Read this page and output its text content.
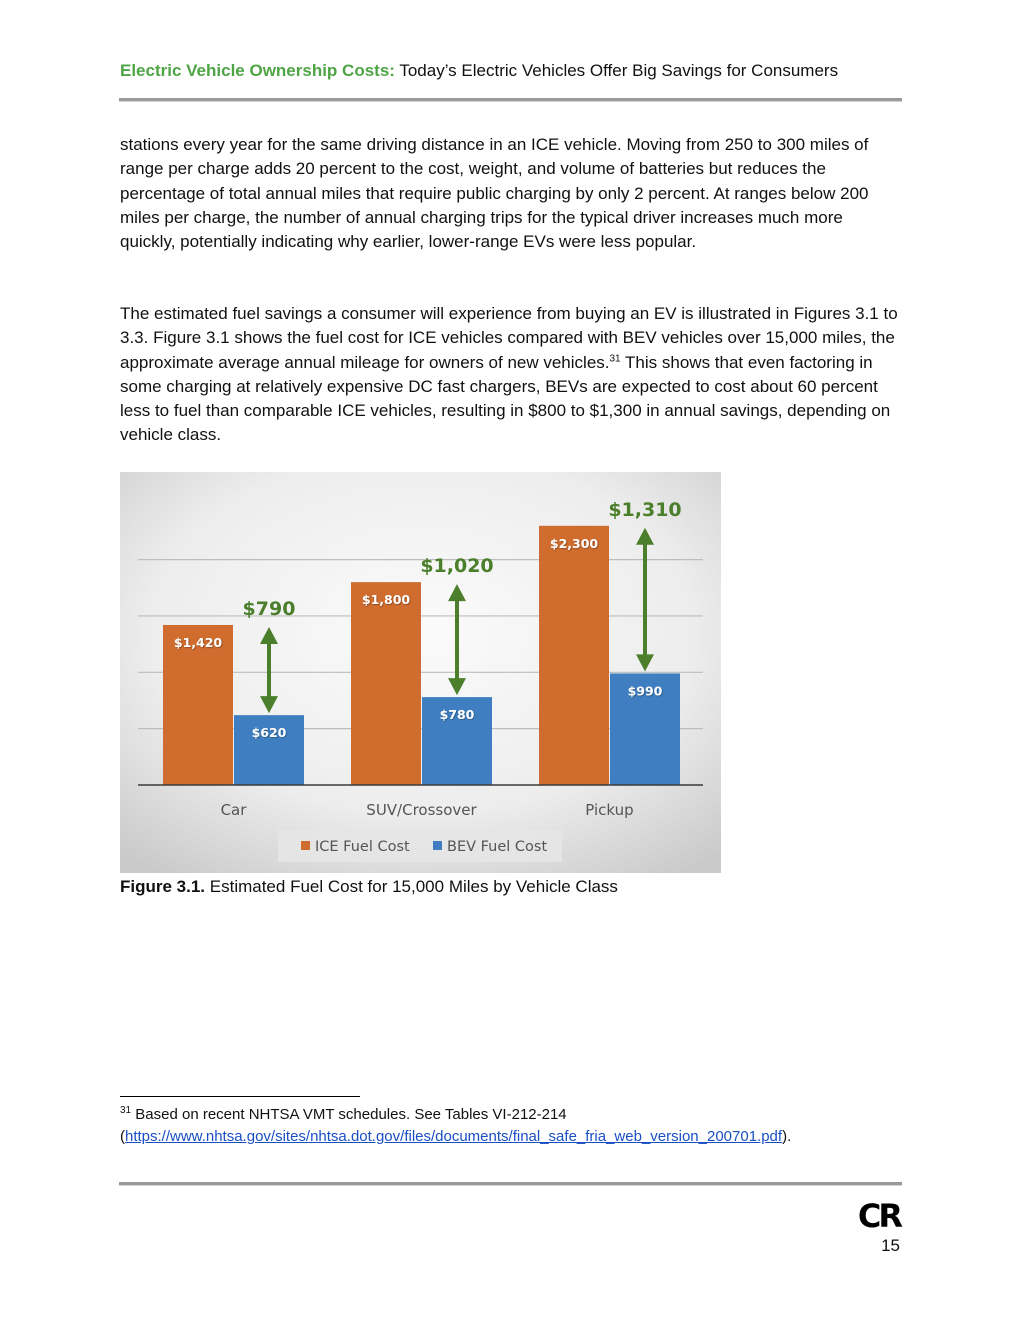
Electric Vehicle Ownership Costs: Today’s Electric Vehicles Offer Big Savings for Consumers

stations every year for the same driving distance in an ICE vehicle. Moving from 250 to 300 miles of range per charge adds 20 percent to the cost, weight, and volume of batteries but reduces the percentage of total annual miles that require public charging by only 2 percent. At ranges below 200 miles per charge, the number of annual charging trips for the typical driver increases much more quickly, potentially indicating why earlier, lower-range EVs were less popular.

The estimated fuel savings a consumer will experience from buying an EV is illustrated in Figures 3.1 to 3.3. Figure 3.1 shows the fuel cost for ICE vehicles compared with BEV vehicles over 15,000 miles, the approximate average annual mileage for owners of new vehicles.$^{31}$ This shows that even factoring in some charging at relatively expensive DC fast chargers, BEVs are expected to cost about 60 percent less to fuel than comparable ICE vehicles, resulting in $800 to $1,300 in annual savings, depending on vehicle class.

$1,420
$620
$790	$1,800
$780
$1,020
$2,300
$990
$1,310
Car	SUV/Crossover	Pickup
ICE Fuel Cost	BEV Fuel Cost
Figure 3.1. Estimated Fuel Cost for 15,000 Miles by Vehicle Class
$^{31}$ Based on recent NHTSA VMT schedules. See Tables VI-212-214
(https://www.nhtsa.gov/sites/nhtsa.dot.gov/files/documents/final_safe_fria_web_version_200701.pdf).
CR
15
